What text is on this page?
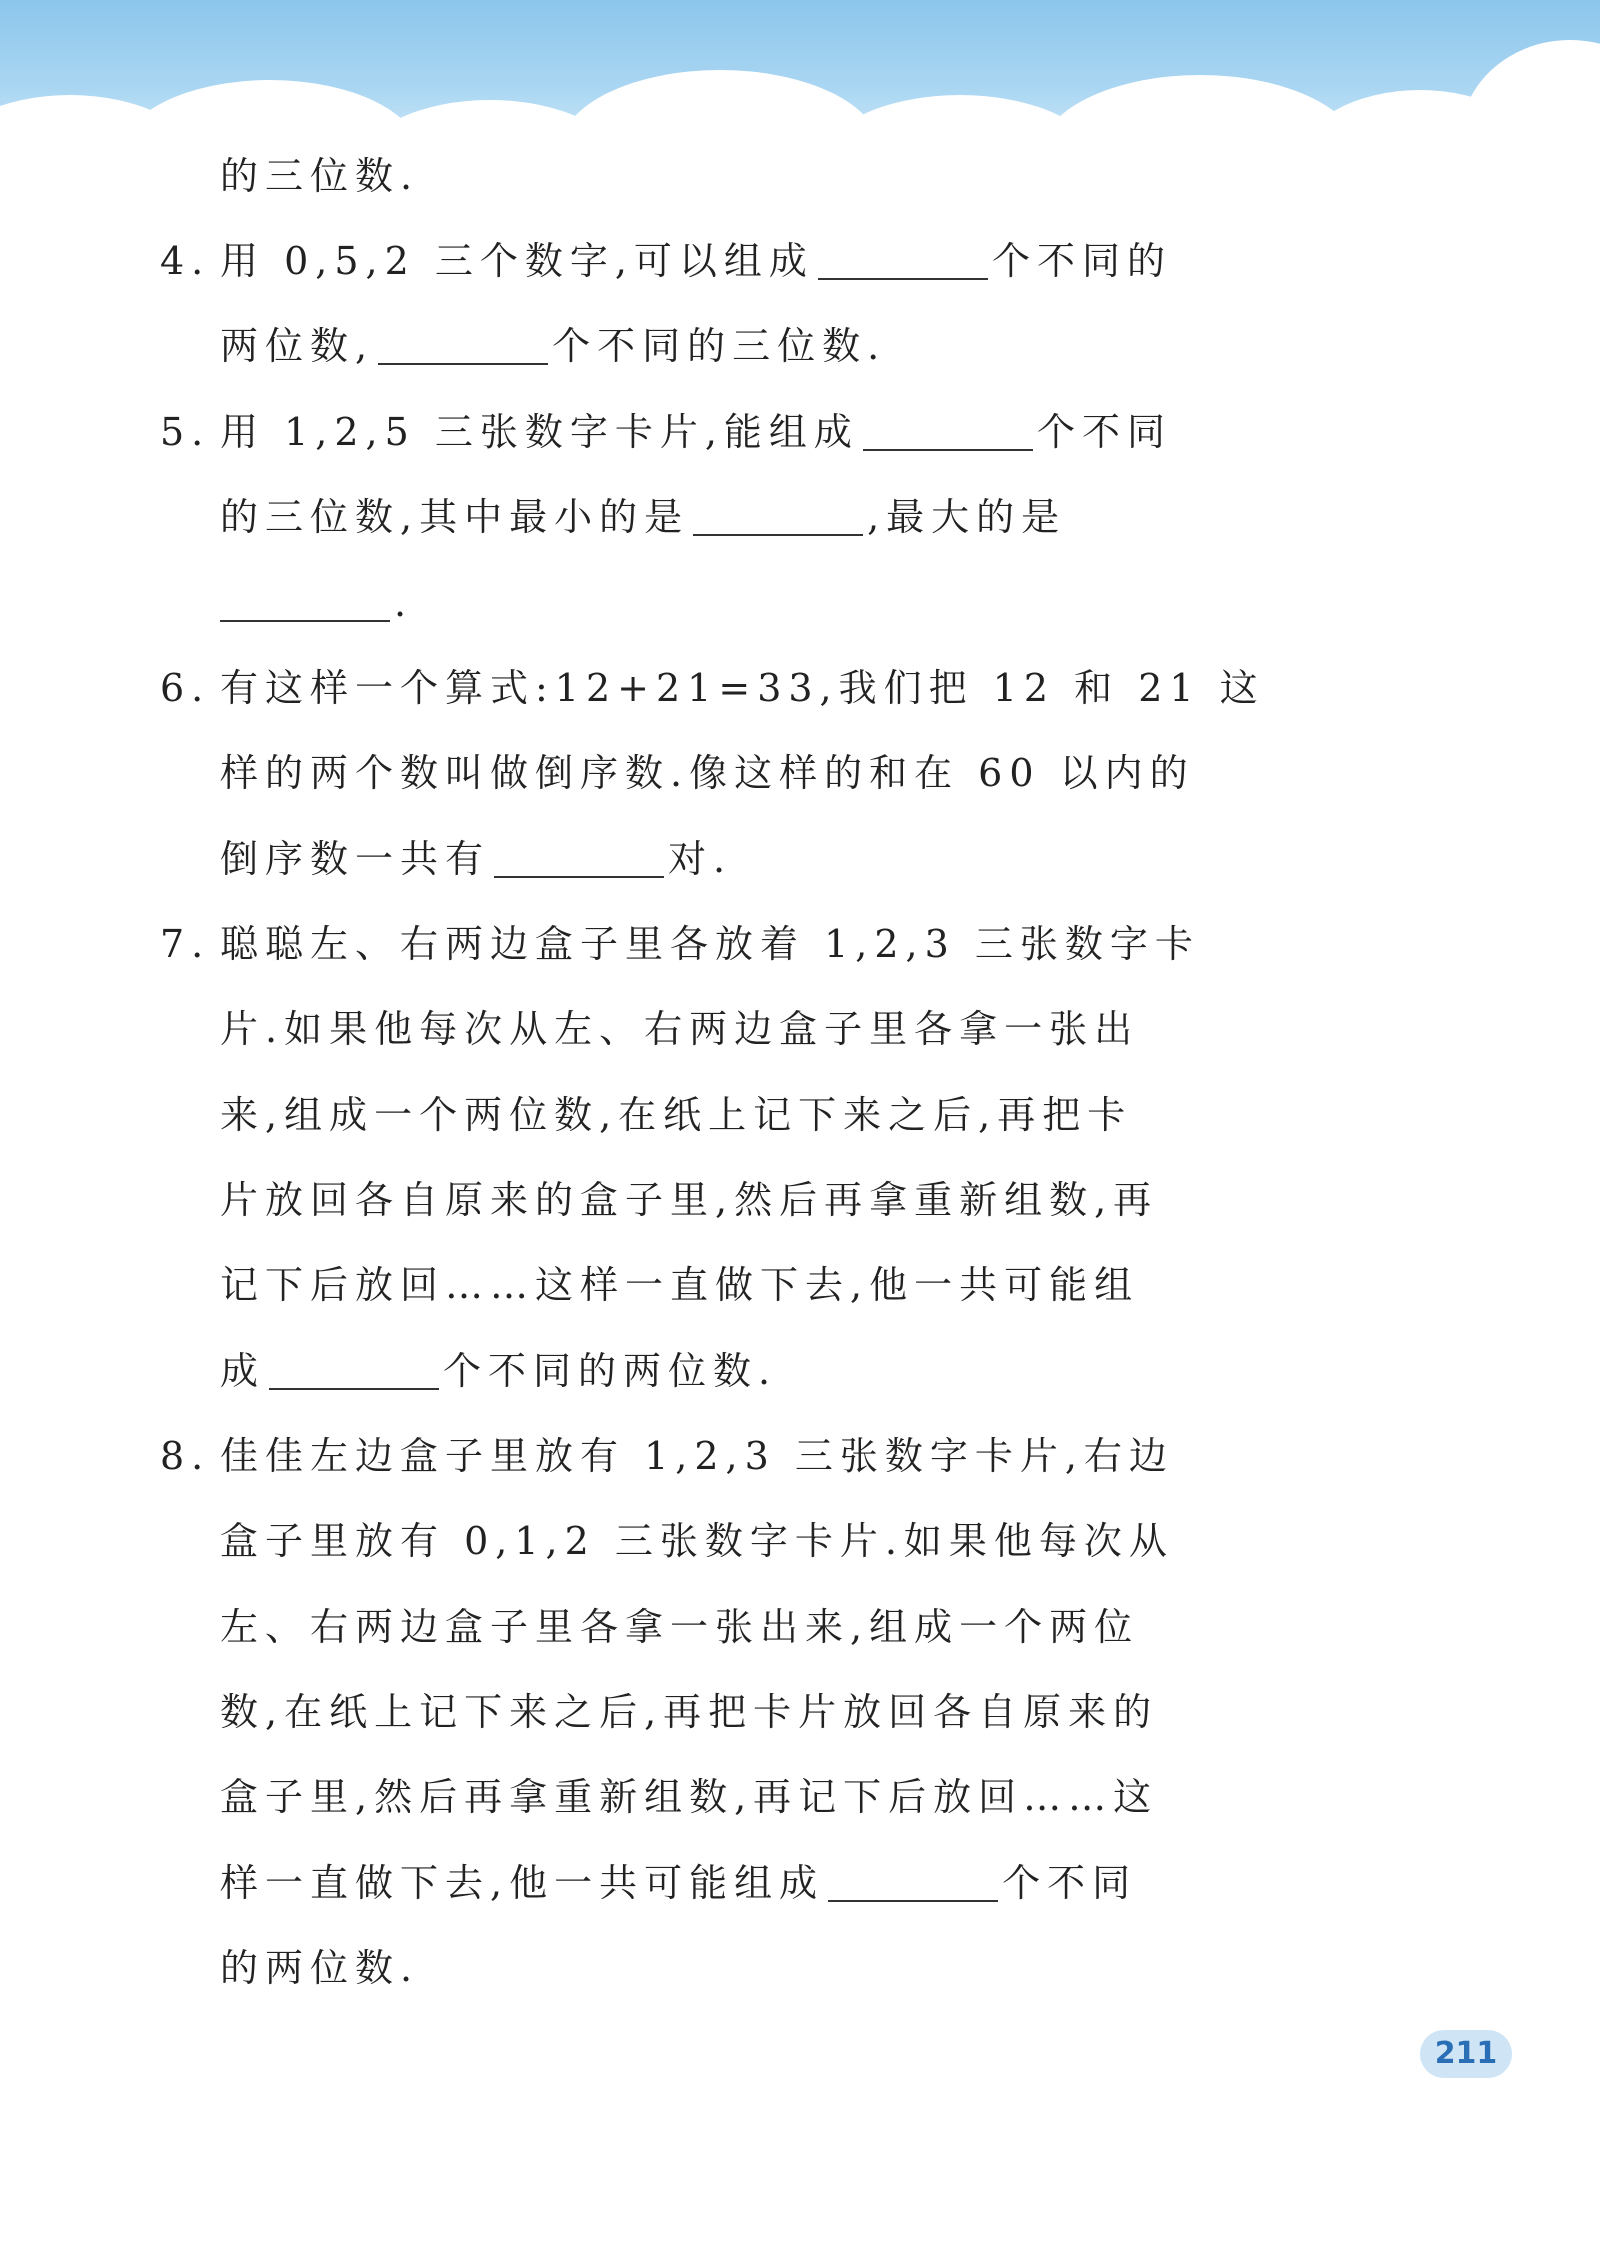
的三位数.
4. 用 0,5,2 三个数字,可以组成	个不同的
两位数,	个不同的三位数.
5. 用 1,2,5 三张数字卡片,能组成	个不同
的三位数,其中最小的是	,最大的是
.
6. 有这样一个算式:12+21=33,我们把 12 和 21 这
样的两个数叫做倒序数.像这样的和在 60 以内的
倒序数一共有	对.
7. 聪聪左、右两边盒子里各放着 1,2,3 三张数字卡
片.如果他每次从左、右两边盒子里各拿一张出
来,组成一个两位数,在纸上记下来之后,再把卡
片放回各自原来的盒子里,然后再拿重新组数,再
记下后放回……这样一直做下去,他一共可能组
成	个不同的两位数.
8. 佳佳左边盒子里放有 1,2,3 三张数字卡片,右边
盒子里放有 0,1,2 三张数字卡片.如果他每次从
左、右两边盒子里各拿一张出来,组成一个两位
数,在纸上记下来之后,再把卡片放回各自原来的
盒子里,然后再拿重新组数,再记下后放回……这
样一直做下去,他一共可能组成	个不同
的两位数.
211
